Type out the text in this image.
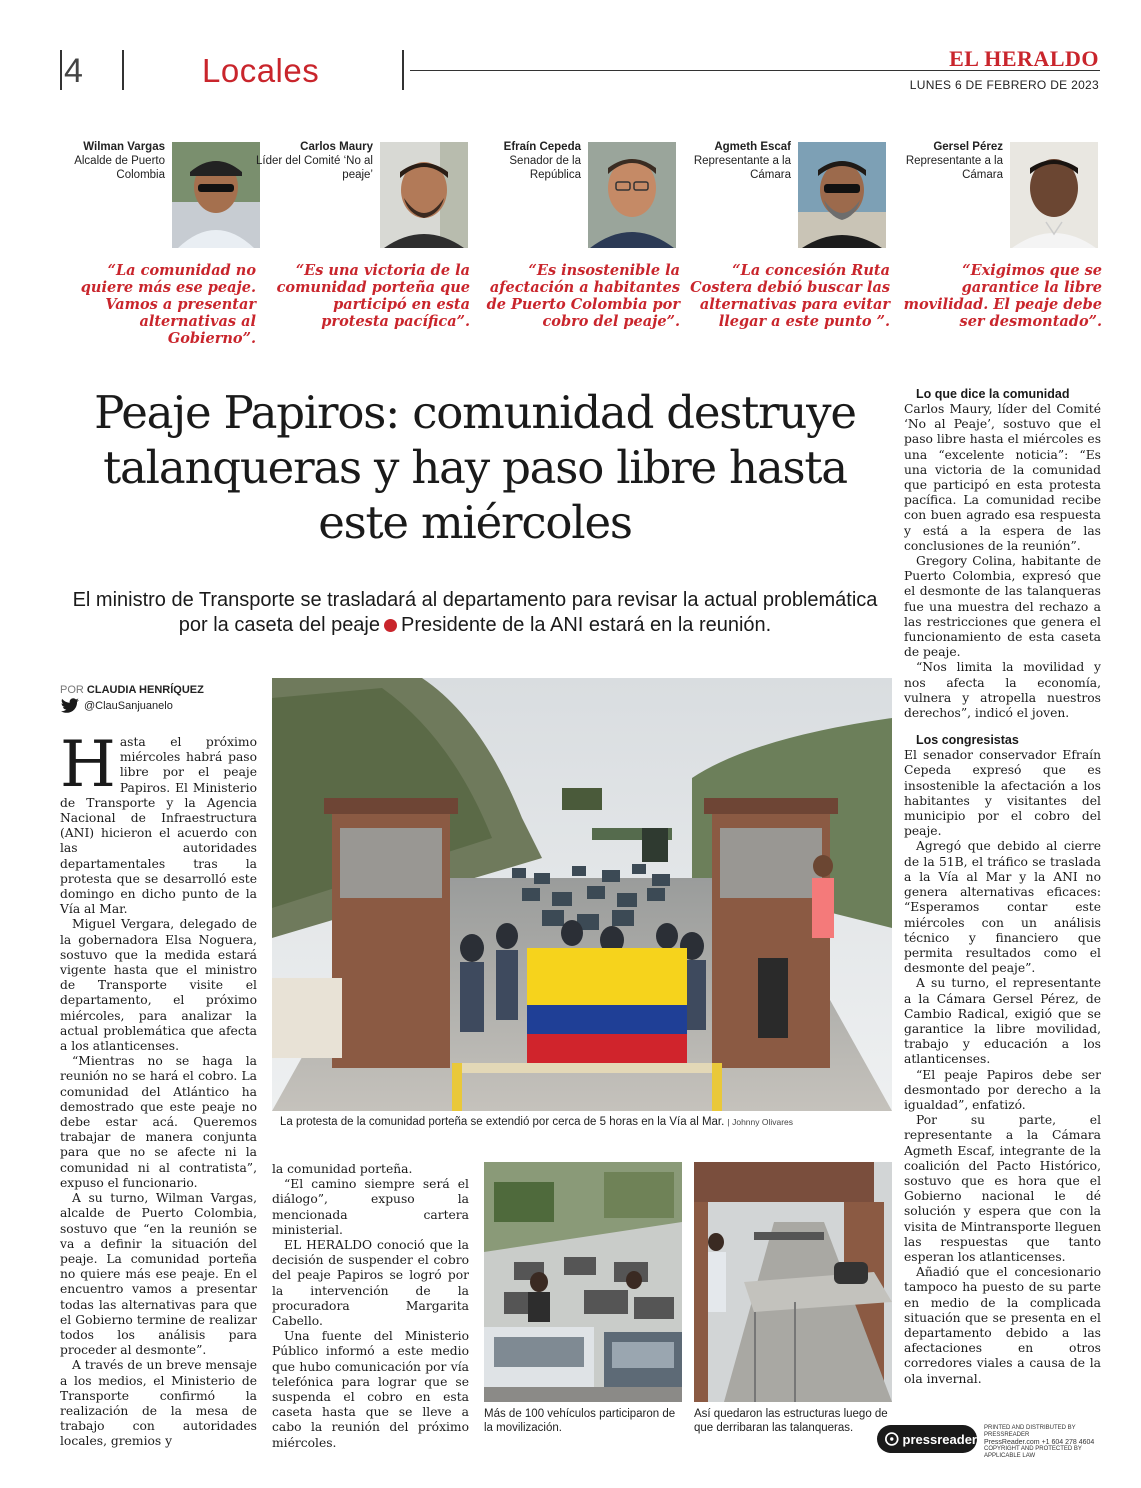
4	Locales	EL HERALDO
LUNES 6 DE FEBRERO DE 2023
Wilman Vargas
Alcalde de Puerto Colombia
“La comunidad no quiere más ese peaje. Vamos a presentar alternativas al Gobierno”.
Carlos Maury
Líder del Comité ‘No al peaje’
“Es una victoria de la comunidad porteña que participó en esta protesta pacífica”.
Efraín Cepeda
Senador de la República
“Es insostenible la afectación a habitantes de Puerto Colombia por cobro del peaje”.
Agmeth Escaf
Representante a la Cámara
“La concesión Ruta Costera debió buscar las alternativas para evitar llegar a este punto ”.
Gersel Pérez
Representante a la Cámara
“Exigimos que se garantice la libre movilidad. El peaje debe ser desmontado”.
Peaje Papiros: comunidad destruye talanqueras y hay paso libre hasta este miércoles
El ministro de Transporte se trasladará al departamento para revisar la actual problemática por la caseta del peaje Presidente de la ANI estará en la reunión.
POR CLAUDIA HENRÍQUEZ
@ClauSanjuanelo

Hasta el próximo miércoles habrá paso libre por el peaje Papiros. El Ministerio de Transporte y la Agencia Nacional de Infraestructura (ANI) hicieron el acuerdo con las autoridades departamentales tras la protesta que se desarrolló este domingo en dicho punto de la Vía al Mar.

Miguel Vergara, delegado de la gobernadora Elsa Noguera, sostuvo que la medida estará vigente hasta que el ministro de Transporte visite el departamento, el próximo miércoles, para analizar la actual problemática que afecta a los atlanticenses.

“Mientras no se haga la reunión no se hará el cobro. La comunidad del Atlántico ha demostrado que este peaje no debe estar acá. Queremos trabajar de manera conjunta para que no se afecte ni la comunidad ni al contratista”, expuso el funcionario.

A su turno, Wilman Vargas, alcalde de Puerto Colombia, sostuvo que “en la reunión se va a definir la situación del peaje. La comunidad porteña no quiere más ese peaje. En el encuentro vamos a presentar todas las alternativas para que el Gobierno termine de realizar todos los análisis para proceder al desmonte”.

A través de un breve mensaje a los medios, el Ministerio de Transporte confirmó la realización de la mesa de trabajo con autoridades locales, gremios y

La protesta de la comunidad porteña se extendió por cerca de 5 horas en la Vía al Mar. | Johnny Olivares

la comunidad porteña.

“El camino siempre será el diálogo”, expuso la mencionada cartera ministerial.

EL HERALDO conoció que la decisión de suspender el cobro del peaje Papiros se logró por la intervención de la procuradora Margarita Cabello.

Una fuente del Ministerio Público informó a este medio que hubo comunicación por vía telefónica para lograr que se suspenda el cobro en esta caseta hasta que se lleve a cabo la reunión del próximo miércoles.

Más de 100 vehículos participaron de la movilización.
Así quedaron las estructuras luego de que derribaran las talanqueras.

Lo que dice la comunidad

Carlos Maury, líder del Comité ‘No al Peaje’, sostuvo que el paso libre hasta el miércoles es una “excelente noticia”: “Es una victoria de la comunidad que participó en esta protesta pacífica. La comunidad recibe con buen agrado esa respuesta y está a la espera de las conclusiones de la reunión”.

Gregory Colina, habitante de Puerto Colombia, expresó que el desmonte de las talanqueras fue una muestra del rechazo a las restricciones que genera el funcionamiento de esta caseta de peaje.

“Nos limita la movilidad y nos afecta la economía, vulnera y atropella nuestros derechos”, indicó el joven.

Los congresistas

El senador conservador Efraín Cepeda expresó que es insostenible la afectación a los habitantes y visitantes del municipio por el cobro del peaje.

Agregó que debido al cierre de la 51B, el tráfico se traslada a la Vía al Mar y la ANI no genera alternativas eficaces: “Esperamos contar este miércoles con un análisis técnico y financiero que permita resultados como el desmonte del peaje”.

A su turno, el representante a la Cámara Gersel Pérez, de Cambio Radical, exigió que se garantice la libre movilidad, trabajo y educación a los atlanticenses.

“El peaje Papiros debe ser desmontado por derecho a la igualdad”, enfatizó.

Por su parte, el representante a la Cámara Agmeth Escaf, integrante de la coalición del Pacto Histórico, sostuvo que es hora que el Gobierno nacional le dé solución y espera que con la visita de Mintransporte lleguen las respuestas que tanto esperan los atlanticenses.

Añadió que el concesionario tampoco ha puesto de su parte en medio de la complicada situación que se presenta en el departamento debido a las afectaciones en otros corredores viales a causa de la ola invernal.

pressreader
PRINTED AND DISTRIBUTED BY PRESSREADER
PressReader.com +1 604 278 4604
COPYRIGHT AND PROTECTED BY APPLICABLE LAW
